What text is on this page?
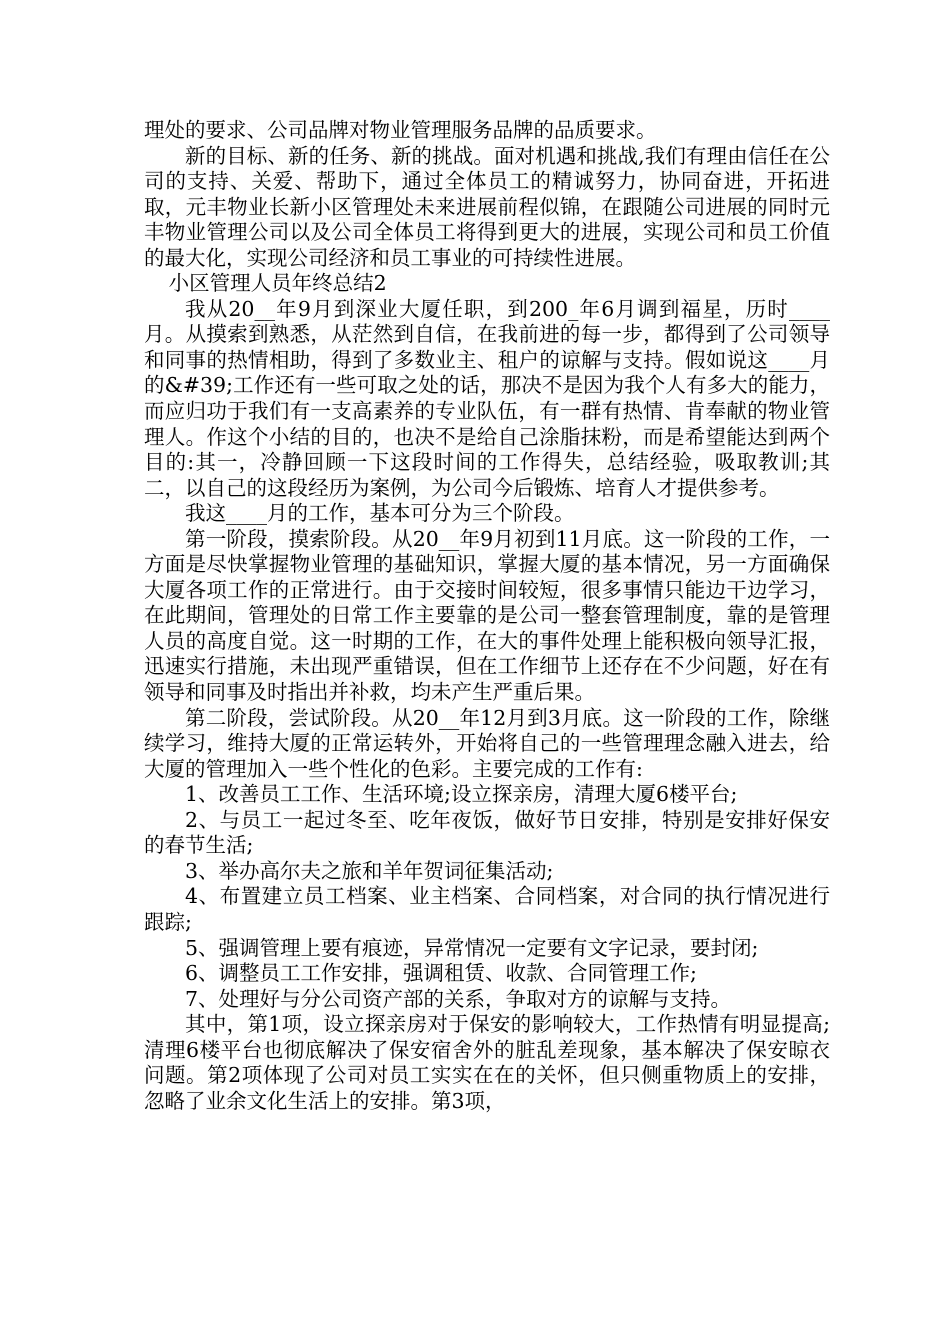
理处的要求、公司品牌对物业管理服务品牌的品质要求。

新的目标、新的任务、新的挑战。面对机遇和挑战,我们有理由信任在公司的支持、关爱、帮助下，通过全体员工的精诚努力，协同奋进，开拓进取，元丰物业长新小区管理处未来进展前程似锦，在跟随公司进展的同时元丰物业管理公司以及公司全体员工将得到更大的进展，实现公司和员工价值的最大化，实现公司经济和员工事业的可持续性进展。

小区管理人员年终总结2

我从20__年9月到深业大厦任职，到200_年6月调到福星，历时____月。从摸索到熟悉，从茫然到自信，在我前进的每一步，都得到了公司领导和同事的热情相助，得到了多数业主、租户的谅解与支持。假如说这____月的&#39;工作还有一些可取之处的话，那决不是因为我个人有多大的能力，而应归功于我们有一支高素养的专业队伍，有一群有热情、肯奉献的物业管理人。作这个小结的目的，也决不是给自己涂脂抹粉，而是希望能达到两个目的:其一，冷静回顾一下这段时间的工作得失，总结经验，吸取教训;其二，以自己的这段经历为案例，为公司今后锻炼、培育人才提供参考。

我这____月的工作，基本可分为三个阶段。

第一阶段，摸索阶段。从20__年9月初到11月底。这一阶段的工作，一方面是尽快掌握物业管理的基础知识，掌握大厦的基本情况，另一方面确保大厦各项工作的正常进行。由于交接时间较短，很多事情只能边干边学习，在此期间，管理处的日常工作主要靠的是公司一整套管理制度，靠的是管理人员的高度自觉。这一时期的工作，在大的事件处理上能积极向领导汇报，迅速实行措施，未出现严重错误，但在工作细节上还存在不少问题，好在有领导和同事及时指出并补救，均未产生严重后果。

第二阶段，尝试阶段。从20__年12月到3月底。这一阶段的工作，除继续学习，维持大厦的正常运转外，开始将自己的一些管理理念融入进去，给大厦的管理加入一些个性化的色彩。主要完成的工作有:

1、改善员工工作、生活环境;设立探亲房，清理大厦6楼平台;

2、与员工一起过冬至、吃年夜饭，做好节日安排，特别是安排好保安的春节生活;

3、举办高尔夫之旅和羊年贺词征集活动;

4、布置建立员工档案、业主档案、合同档案，对合同的执行情况进行跟踪;

5、强调管理上要有痕迹，异常情况一定要有文字记录，要封闭;

6、调整员工工作安排，强调租赁、收款、合同管理工作;

7、处理好与分公司资产部的关系，争取对方的谅解与支持。

其中，第1项，设立探亲房对于保安的影响较大，工作热情有明显提高;清理6楼平台也彻底解决了保安宿舍外的脏乱差现象，基本解决了保安晾衣问题。第2项体现了公司对员工实实在在的关怀，但只侧重物质上的安排，忽略了业余文化生活上的安排。第3项，
